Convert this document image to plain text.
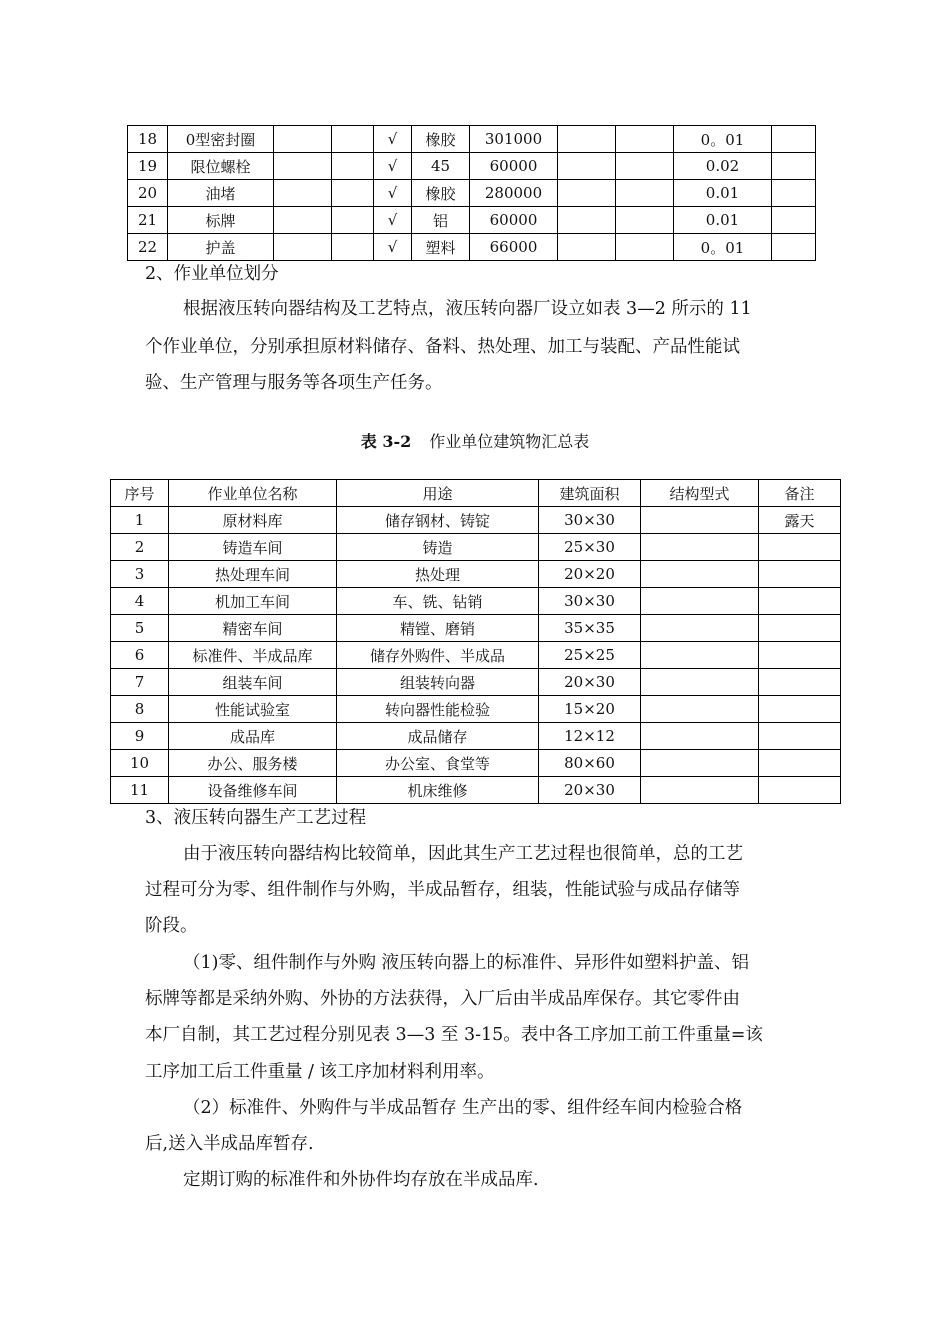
18	0型密封圈			√	橡胶	301000			0。01	
19	限位螺栓			√	45	60000			0.02	
20	油堵			√	橡胶	280000			0.01	
21	标牌			√	铝	60000			0.01	
22	护盖			√	塑料	66000			0。01	
2、作业单位划分
根据液压转向器结构及工艺特点，液压转向器厂设立如表 3—2 所示的 11
个作业单位，分别承担原材料储存、备料、热处理、加工与装配、产品性能试
验、生产管理与服务等各项生产任务。
表 3-2 作业单位建筑物汇总表
序号	作业单位名称	用途	建筑面积	结构型式	备注
1	原材料库	储存钢材、铸锭	30×30		露天
2	铸造车间	铸造	25×30		
3	热处理车间	热处理	20×20		
4	机加工车间	车、铣、钻销	30×30		
5	精密车间	精镗、磨销	35×35		
6	标准件、半成品库	储存外购件、半成品	25×25		
7	组装车间	组装转向器	20×30		
8	性能试验室	转向器性能检验	15×20		
9	成品库	成品储存	12×12		
10	办公、服务楼	办公室、食堂等	80×60		
11	设备维修车间	机床维修	20×30		
3、液压转向器生产工艺过程
由于液压转向器结构比较简单，因此其生产工艺过程也很简单，总的工艺
过程可分为零、组件制作与外购，半成品暂存，组装，性能试验与成品存储等
阶段。
（1)零、组件制作与外购 液压转向器上的标准件、异形件如塑料护盖、铝
标牌等都是采纳外购、外协的方法获得，入厂后由半成品库保存。其它零件由
本厂自制，其工艺过程分别见表 3—3 至 3-15。表中各工序加工前工件重量=该
工序加工后工件重量 / 该工序加材料利用率。
（2）标准件、外购件与半成品暂存 生产出的零、组件经车间内检验合格
后,送入半成品库暂存.
定期订购的标准件和外协件均存放在半成品库.
